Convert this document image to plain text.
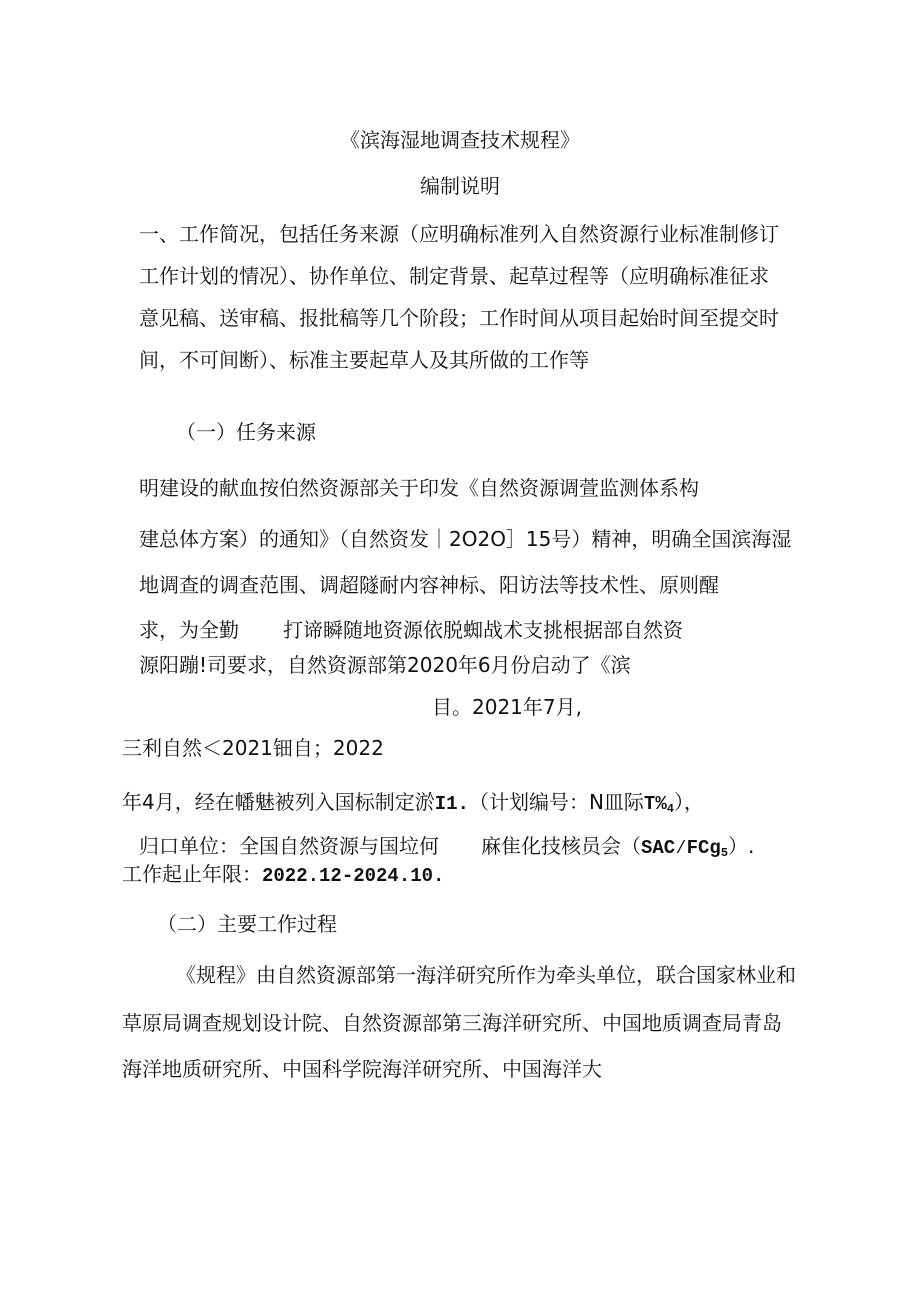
《滨海湿地调查技术规程》
编制说明
一、工作简况，包括任务来源（应明确标准列入自然资源行业标准制修订
工作计划的情况）、协作单位、制定背景、起草过程等（应明确标准征求
意见稿、送审稿、报批稿等几个阶段；工作时间从项目起始时间至提交时
间，不可间断）、标准主要起草人及其所做的工作等
（一）任务来源
明建设的献血按伯然资源部关于印发《自然资源调萱监测体系构
建总体方案）的通知》（自然资发｜2O2O］15号）精神，明确全国滨海湿
地调查的调查范围、调超隧耐内容神标、阳访法等技术性、原则醒
求，为全勤 打谛瞬随地资源依脱蜘战术支挑根据部自然资
源阳蹦!司要求，自然资源部第2020年6月份启动了《滨
目。2021年7月,
三利自然＜2021钿自；2022
年4月，经在幡魅被列入国标制定淤I1.（计划编号：N皿际$T\%_4$），
归口单位：全国自然资源与国垃何 麻隹化技核员会（SAC⁄FCg$_5$）.
工作起止年限：2022.12-2024.10.
（二）主要工作过程
《规程》由自然资源部第一海洋研究所作为牵头单位，联合国家林业和
草原局调查规划设计院、自然资源部第三海洋研究所、中国地质调查局青岛
海洋地质研究所、中国科学院海洋研究所、中国海洋大
